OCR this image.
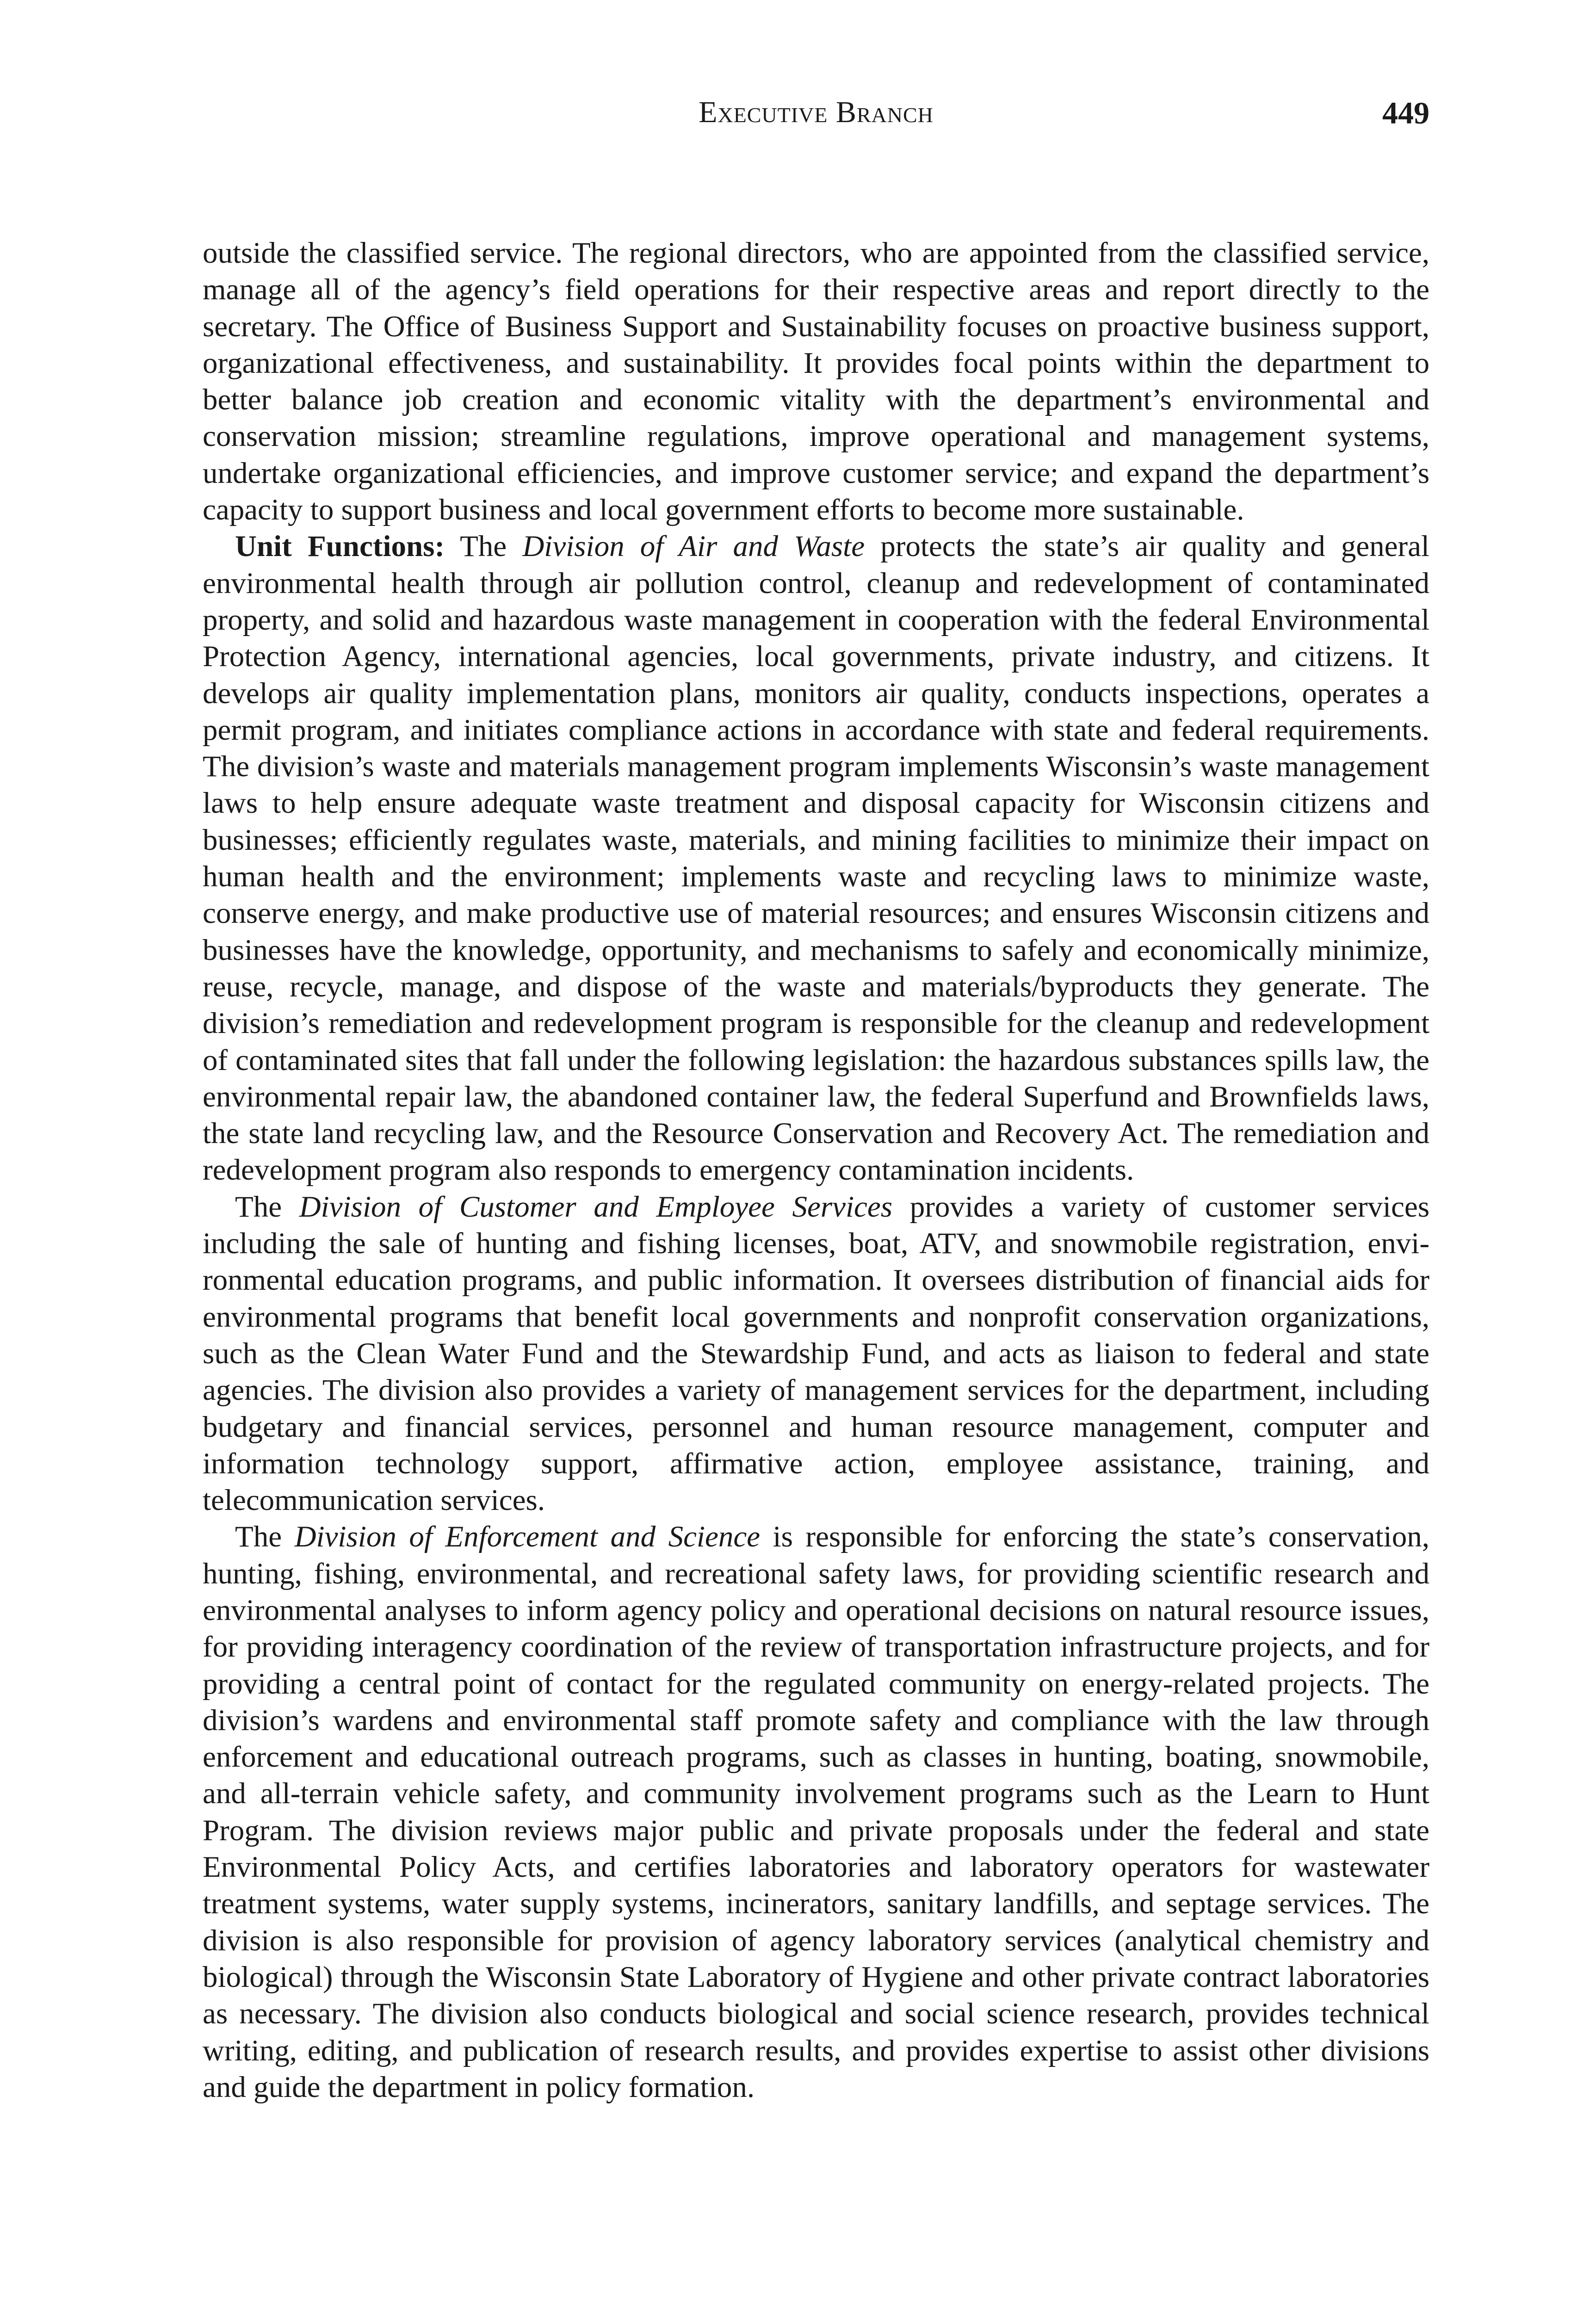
Executive Branch	449

outside the classified service. The regional directors, who are appointed from the classified service, manage all of the agency’s field operations for their respective areas and report directly to the secretary. The Office of Business Support and Sustainability focuses on proactive business support, organizational effectiveness, and sustainability. It provides focal points within the department to better balance job creation and economic vitality with the department’s environmental and conservation mission; streamline regulations, improve operational and management systems, undertake organizational efficiencies, and improve customer service; and expand the department’s capacity to support business and local government efforts to become more sustainable.

Unit Functions: The Division of Air and Waste protects the state’s air quality and general environmental health through air pollution control, cleanup and redevelopment of contaminated property, and solid and hazardous waste management in cooperation with the federal Environmental Protection Agency, international agencies, local governments, private industry, and citizens. It develops air quality implementation plans, monitors air quality, conducts inspections, operates a permit program, and initiates compliance actions in accordance with state and federal requirements. The division’s waste and materials management program implements Wisconsin’s waste management laws to help ensure adequate waste treatment and disposal capacity for Wisconsin citizens and businesses; efficiently regulates waste, materials, and mining facilities to minimize their impact on human health and the environment; implements waste and recycling laws to minimize waste, conserve energy, and make productive use of material resources; and ensures Wisconsin citizens and businesses have the knowledge, opportunity, and mechanisms to safely and economically minimize, reuse, recycle, manage, and dispose of the waste and materials/byproducts they generate. The division’s remediation and redevelopment program is responsible for the cleanup and redevelopment of contaminated sites that fall under the following legislation: the hazardous substances spills law, the environmental repair law, the abandoned container law, the federal Superfund and Brownfields laws, the state land recycling law, and the Resource Conservation and Recovery Act. The remediation and redevelopment program also responds to emergency contamination incidents.

The Division of Customer and Employee Services provides a variety of customer services including the sale of hunting and fishing licenses, boat, ATV, and snowmobile registration, environmental education programs, and public information. It oversees distribution of financial aids for environmental programs that benefit local governments and nonprofit conservation organizations, such as the Clean Water Fund and the Stewardship Fund, and acts as liaison to federal and state agencies. The division also provides a variety of management services for the department, including budgetary and financial services, personnel and human resource management, computer and information technology support, affirmative action, employee assistance, training, and telecommunication services.

The Division of Enforcement and Science is responsible for enforcing the state’s conservation, hunting, fishing, environmental, and recreational safety laws, for providing scientific research and environmental analyses to inform agency policy and operational decisions on natural resource issues, for providing interagency coordination of the review of transportation infrastructure projects, and for providing a central point of contact for the regulated community on energy-related projects. The division’s wardens and environmental staff promote safety and compliance with the law through enforcement and educational outreach programs, such as classes in hunting, boating, snowmobile, and all-terrain vehicle safety, and community involvement programs such as the Learn to Hunt Program. The division reviews major public and private proposals under the federal and state Environmental Policy Acts, and certifies laboratories and laboratory operators for wastewater treatment systems, water supply systems, incinerators, sanitary landfills, and septage services. The division is also responsible for provision of agency laboratory services (analytical chemistry and biological) through the Wisconsin State Laboratory of Hygiene and other private contract laboratories as necessary. The division also conducts biological and social science research, provides technical writing, editing, and publication of research results, and provides expertise to assist other divisions and guide the department in policy formation.
